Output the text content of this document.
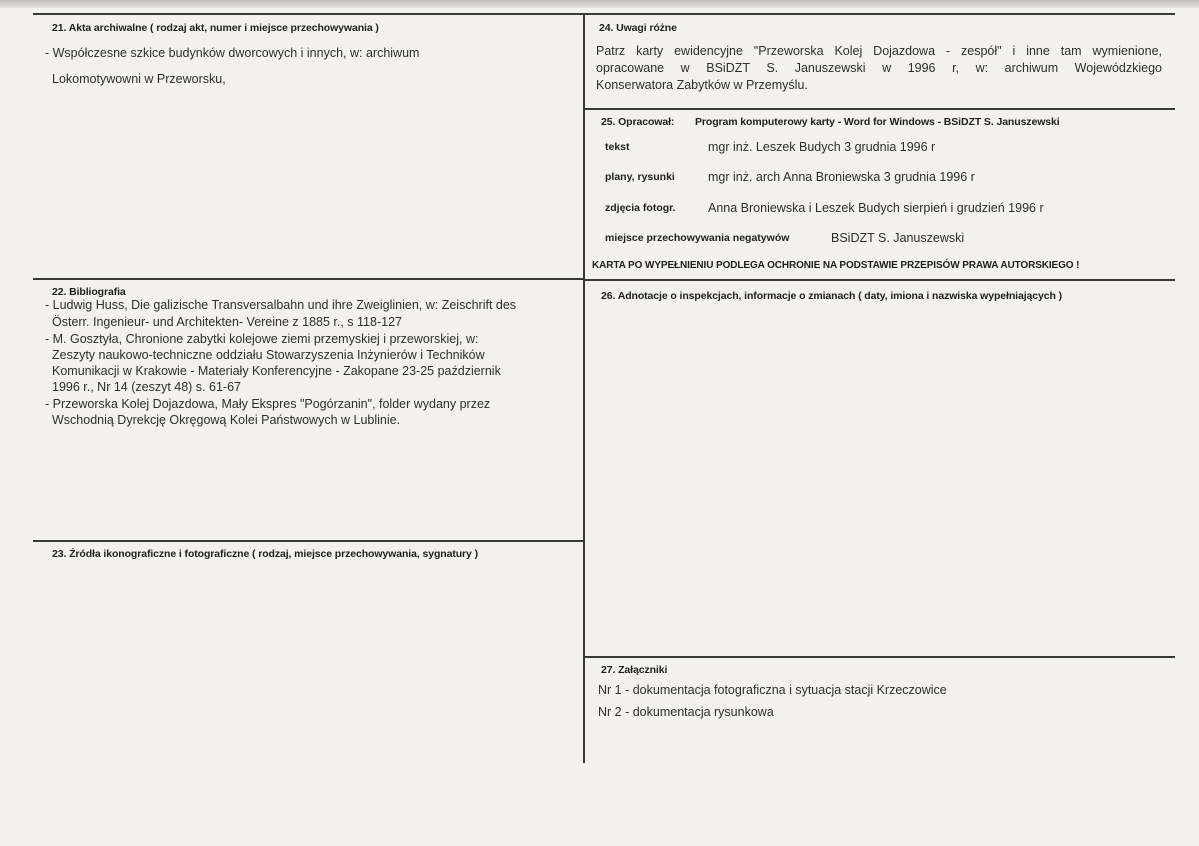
21. Akta archiwalne ( rodzaj akt, numer i miejsce przechowywania )
- Współczesne szkice budynków dworcowych i innych, w: archiwum
Lokomotywowni w Przeworsku,
22. Bibliografia
- Ludwig Huss, Die galizische Transversalbahn und ihre Zweiglinien, w: Zeischrift des
Österr. Ingenieur- und Architekten- Vereine z 1885 r., s 118-127
- M. Gosztyła, Chronione zabytki kolejowe ziemi przemyskiej i przeworskiej, w:
Zeszyty naukowo-techniczne oddziału Stowarzyszenia Inżynierów i Techników
Komunikacji w Krakowie - Materiały Konferencyjne - Zakopane 23-25 październik
1996 r., Nr 14 (zeszyt 48) s. 61-67
- Przeworska Kolej Dojazdowa, Mały Ekspres "Pogórzanin", folder wydany przez
Wschodnią Dyrekcję Okręgową Kolei Państwowych w Lublinie.
23. Źródła ikonograficzne i fotograficzne ( rodzaj, miejsce przechowywania, sygnatury )
24. Uwagi różne
Patrz karty ewidencyjne "Przeworska Kolej Dojazdowa - zespół" i inne tam wymienione,
opracowane w BSiDZT S. Januszewski w 1996 r, w: archiwum Wojewódzkiego
Konserwatora Zabytków w Przemyślu.
25. Opracował: Program komputerowy karty - Word for Windows - BSiDZT S. Januszewski
tekst	mgr inż. Leszek Budych 3 grudnia 1996 r
plany, rysunki	mgr inż. arch Anna Broniewska 3 grudnia 1996 r
zdjęcia fotogr.	Anna Broniewska i Leszek Budych sierpień i grudzień 1996 r
miejsce przechowywania negatywów	BSiDZT S. Januszewski
KARTA PO WYPEŁNIENIU PODLEGA OCHRONIE NA PODSTAWIE PRZEPISÓW PRAWA AUTORSKIEGO !
26. Adnotacje o inspekcjach, informacje o zmianach ( daty, imiona i nazwiska wypełniających )
27. Załączniki
Nr 1 - dokumentacja fotograficzna i sytuacja stacji Krzeczowice
Nr 2 - dokumentacja rysunkowa
